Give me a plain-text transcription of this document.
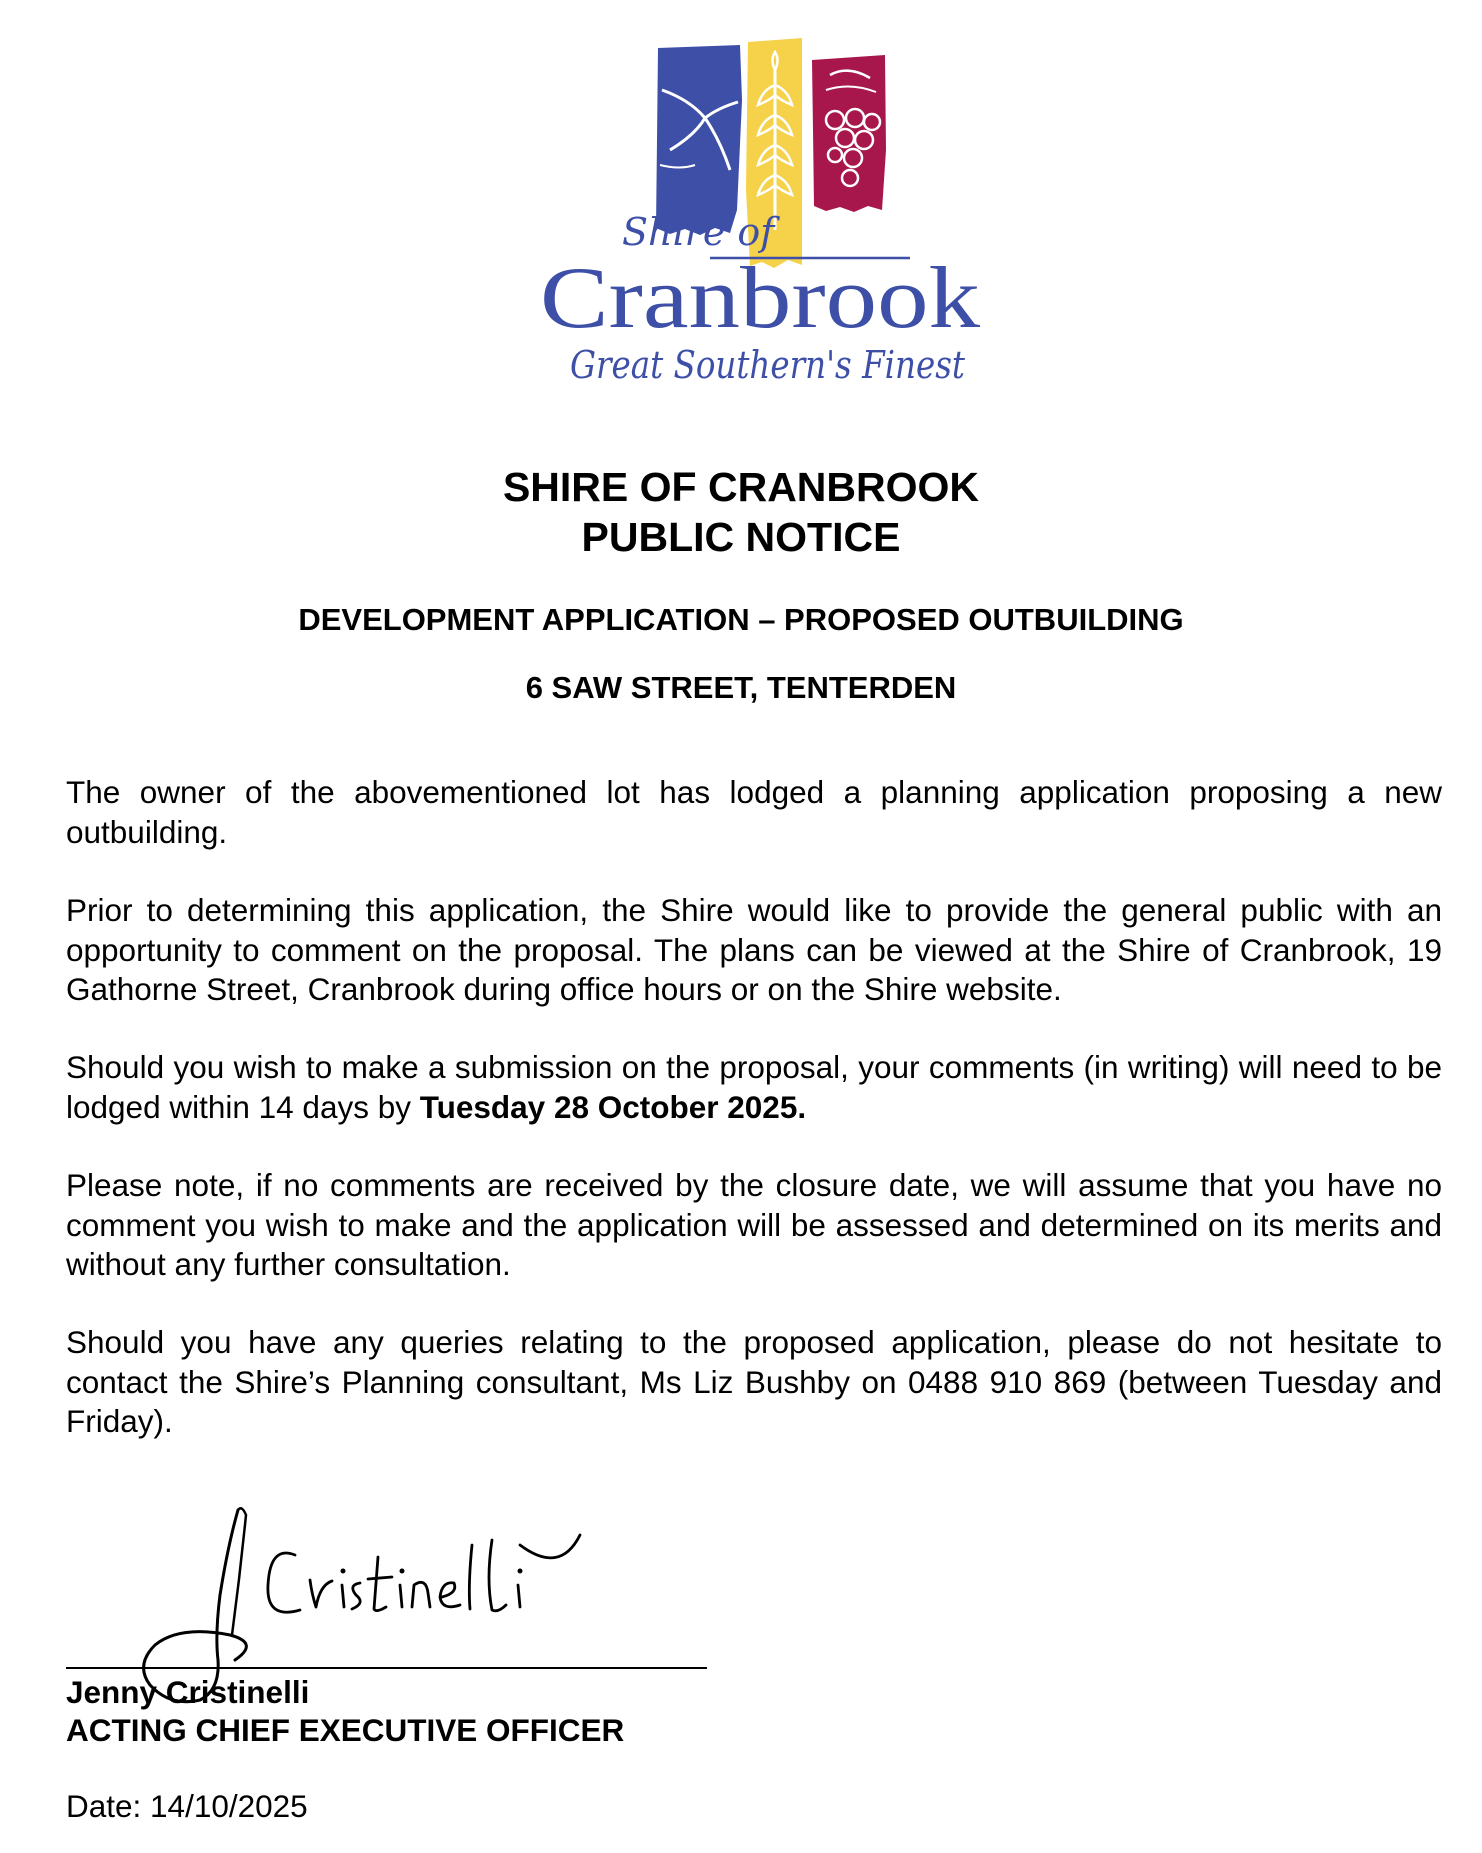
Shire of
Cranbrook
Great Southern's Finest
SHIRE OF CRANBROOK
PUBLIC NOTICE
DEVELOPMENT APPLICATION – PROPOSED OUTBUILDING
6 SAW STREET, TENTERDEN

The owner of the abovementioned lot has lodged a planning application proposing a new outbuilding.

Prior to determining this application, the Shire would like to provide the general public with an opportunity to comment on the proposal. The plans can be viewed at the Shire of Cranbrook, 19 Gathorne Street, Cranbrook during office hours or on the Shire website.

Should you wish to make a submission on the proposal, your comments (in writing) will need to be lodged within 14 days by Tuesday 28 October 2025.

Please note, if no comments are received by the closure date, we will assume that you have no comment you wish to make and the application will be assessed and determined on its merits and without any further consultation.

Should you have any queries relating to the proposed application, please do not hesitate to contact the Shire’s Planning consultant, Ms Liz Bushby on 0488 910 869 (between Tuesday and Friday).

Jenny Cristinelli

ACTING CHIEF EXECUTIVE OFFICER

Date: 14/10/2025
